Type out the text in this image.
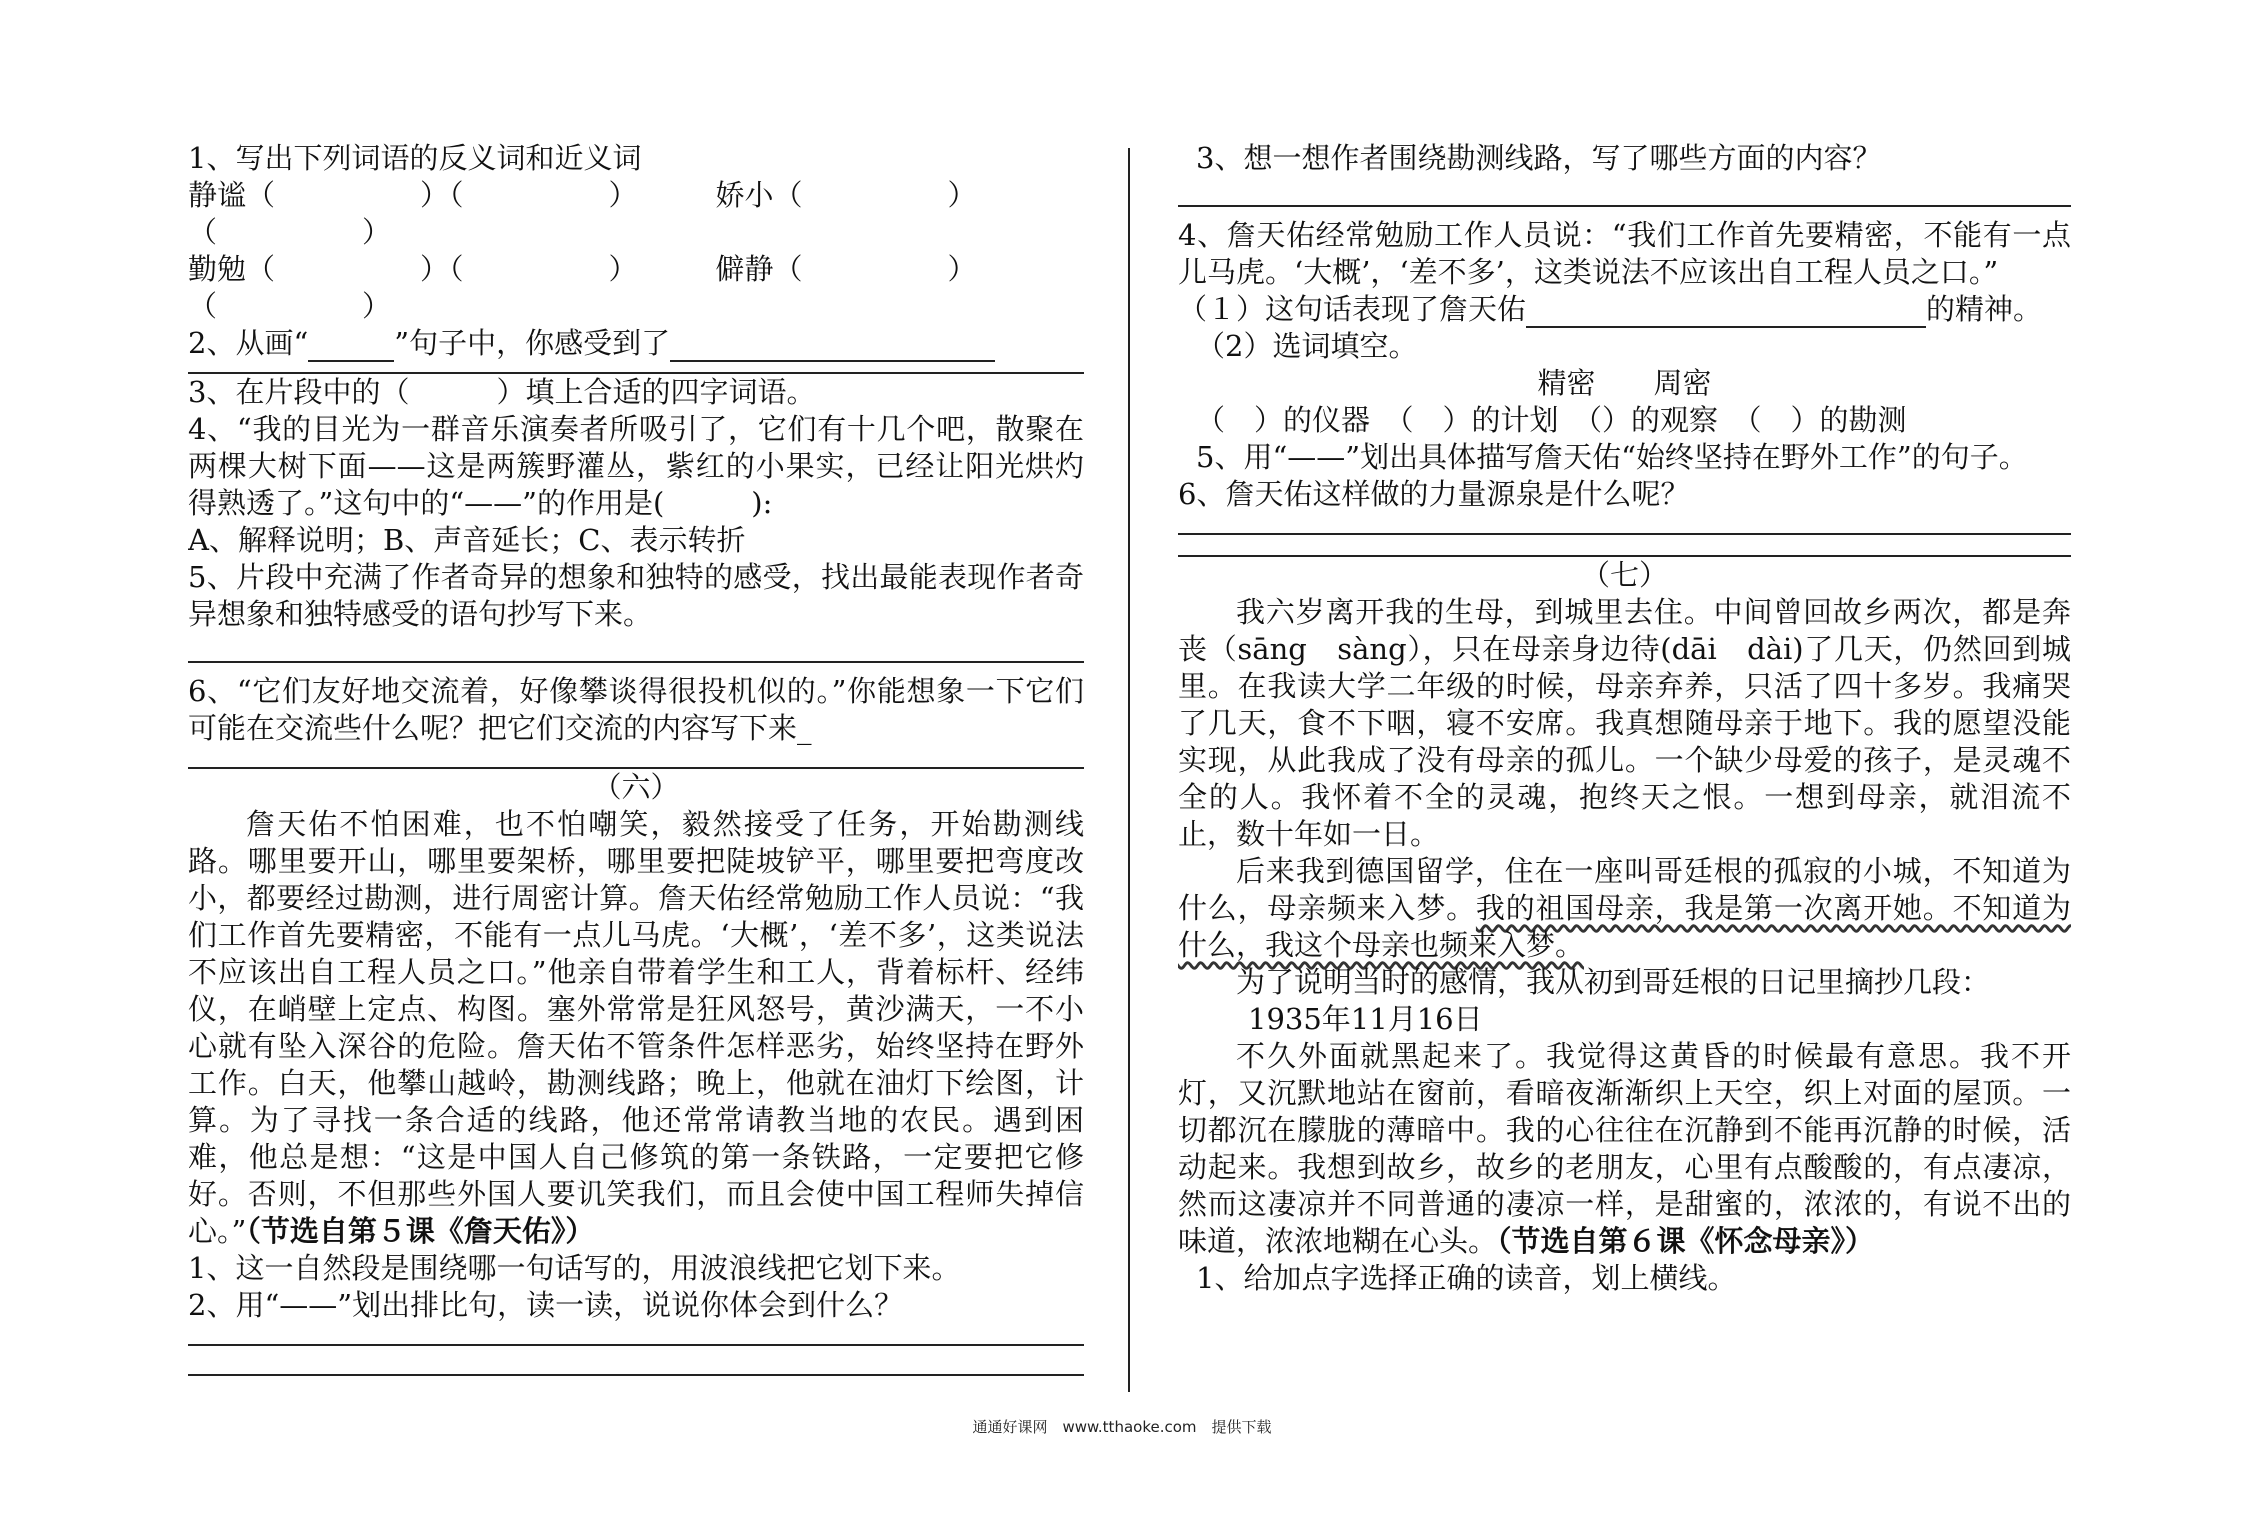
1、写出下列词语的反义词和近义词
静谧（　　　　　）（　　　　　）	娇小（　　　　　）
（　　　　　）
勤勉（　　　　　）（　　　　　）	僻静（　　　　　）
（　　　　　）
2、从画“	”句子中，你感受到了
3、在片段中的（　　　）填上合适的四字词语。
4、“我的目光为一群音乐演奏者所吸引了，它们有十几个吧，散聚在两棵大树下面——这是两簇野灌丛，紫红的小果实，已经让阳光烘灼得熟透了。”这句中的“——”的作用是(　　　):
A、解释说明；B、声音延长；C、表示转折
5、片段中充满了作者奇异的想象和独特的感受，找出最能表现作者奇异想象和独特感受的语句抄写下来。
6、“它们友好地交流着，好像攀谈得很投机似的。”你能想象一下它们可能在交流些什么呢？把它们交流的内容写下来_
（六）
詹天佑不怕困难，也不怕嘲笑，毅然接受了任务，开始勘测线路。哪里要开山，哪里要架桥，哪里要把陡坡铲平，哪里要把弯度改小，都要经过勘测，进行周密计算。詹天佑经常勉励工作人员说：“我们工作首先要精密，不能有一点儿马虎。‘大概’，‘差不多’，这类说法不应该出自工程人员之口。”他亲自带着学生和工人，背着标杆、经纬仪，在峭壁上定点、构图。塞外常常是狂风怒号，黄沙满天，一不小心就有坠入深谷的危险。詹天佑不管条件怎样恶劣，始终坚持在野外工作。白天，他攀山越岭，勘测线路；晚上，他就在油灯下绘图，计算。为了寻找一条合适的线路，他还常常请教当地的农民。遇到困难，他总是想：“这是中国人自己修筑的第一条铁路，一定要把它修好。否则，不但那些外国人要讥笑我们，而且会使中国工程师失掉信心。”（节选自第５课《詹天佑》）
1、这一自然段是围绕哪一句话写的，用波浪线把它划下来。
2、用“——”划出排比句，读一读，说说你体会到什么？
3、想一想作者围绕勘测线路，写了哪些方面的内容？
4、詹天佑经常勉励工作人员说：“我们工作首先要精密，不能有一点儿马虎。‘大概’，‘差不多’，这类说法不应该出自工程人员之口。”
（１）这句话表现了詹天佑	的精神。
（2）选词填空。
精密　　周密
（　）的仪器　（　）的计划　（）的观察　（　）的勘测
5、用“——”划出具体描写詹天佑“始终坚持在野外工作”的句子。
6、詹天佑这样做的力量源泉是什么呢？
（七）
我六岁离开我的生母，到城里去住。中间曾回故乡两次，都是奔丧（sāng　sàng），只在母亲身边待(dāi　dài)了几天，仍然回到城里。在我读大学二年级的时候，母亲弃养，只活了四十多岁。我痛哭了几天，食不下咽，寝不安席。我真想随母亲于地下。我的愿望没能实现，从此我成了没有母亲的孤儿。一个缺少母爱的孩子，是灵魂不全的人。我怀着不全的灵魂，抱终天之恨。一想到母亲，就泪流不止，数十年如一日。
后来我到德国留学，住在一座叫哥廷根的孤寂的小城，不知道为什么，母亲频来入梦。我的祖国母亲，我是第一次离开她。不知道为什么，我这个母亲也频来入梦。
为了说明当时的感情，我从初到哥廷根的日记里摘抄几段：
1935年11月16日
不久外面就黑起来了。我觉得这黄昏的时候最有意思。我不开灯，又沉默地站在窗前，看暗夜渐渐织上天空，织上对面的屋顶。一切都沉在朦胧的薄暗中。我的心往往在沉静到不能再沉静的时候，活动起来。我想到故乡，故乡的老朋友，心里有点酸酸的，有点凄凉，然而这凄凉并不同普通的凄凉一样，是甜蜜的，浓浓的，有说不出的味道，浓浓地糊在心头。（节选自第６课《怀念母亲》）
1、给加点字选择正确的读音，划上横线。
通通好课网　www.tthaoke.com　提供下载
